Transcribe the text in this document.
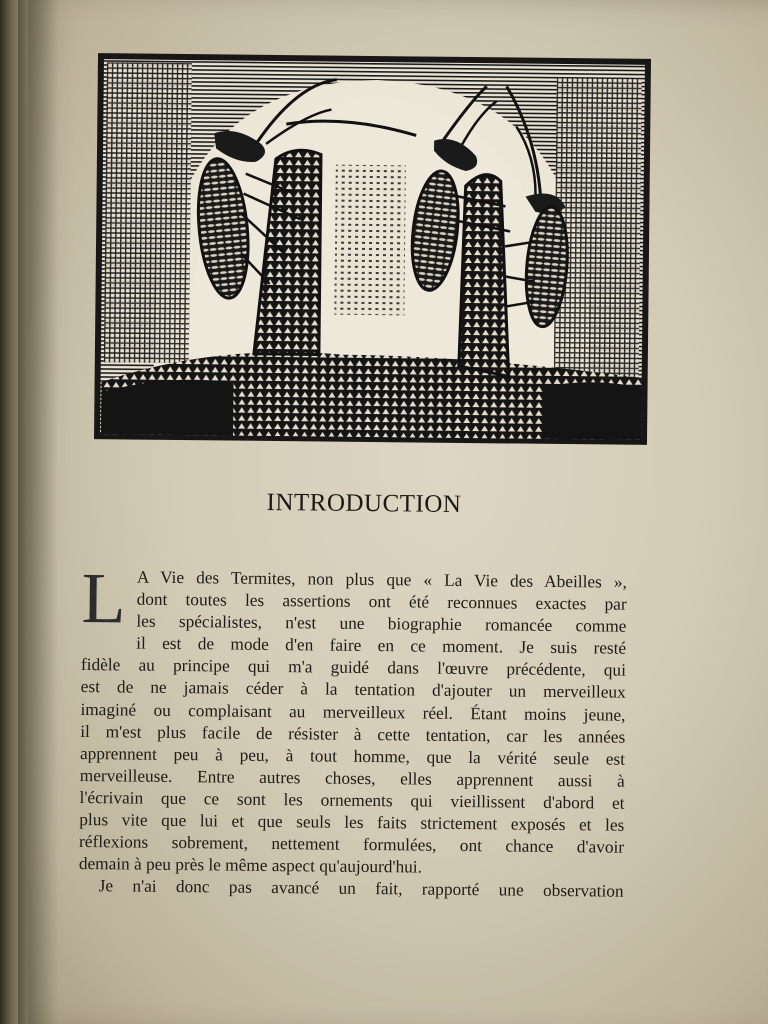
INTRODUCTION
L A Vie des Termites, non plus que « La Vie des Abeilles »,
dont toutes les assertions ont été reconnues exactes par
les spécialistes, n'est une biographie romancée comme
il est de mode d'en faire en ce moment. Je suis resté
fidèle au principe qui m'a guidé dans l'œuvre précédente, qui
est de ne jamais céder à la tentation d'ajouter un merveilleux
imaginé ou complaisant au merveilleux réel. Étant moins jeune,
il m'est plus facile de résister à cette tentation, car les années
apprennent peu à peu, à tout homme, que la vérité seule est
merveilleuse. Entre autres choses, elles apprennent aussi à
l'écrivain que ce sont les ornements qui vieillissent d'abord et
plus vite que lui et que seuls les faits strictement exposés et les
réflexions sobrement, nettement formulées, ont chance d'avoir
demain à peu près le même aspect qu'aujourd'hui.
Je n'ai donc pas avancé un fait, rapporté une observation
